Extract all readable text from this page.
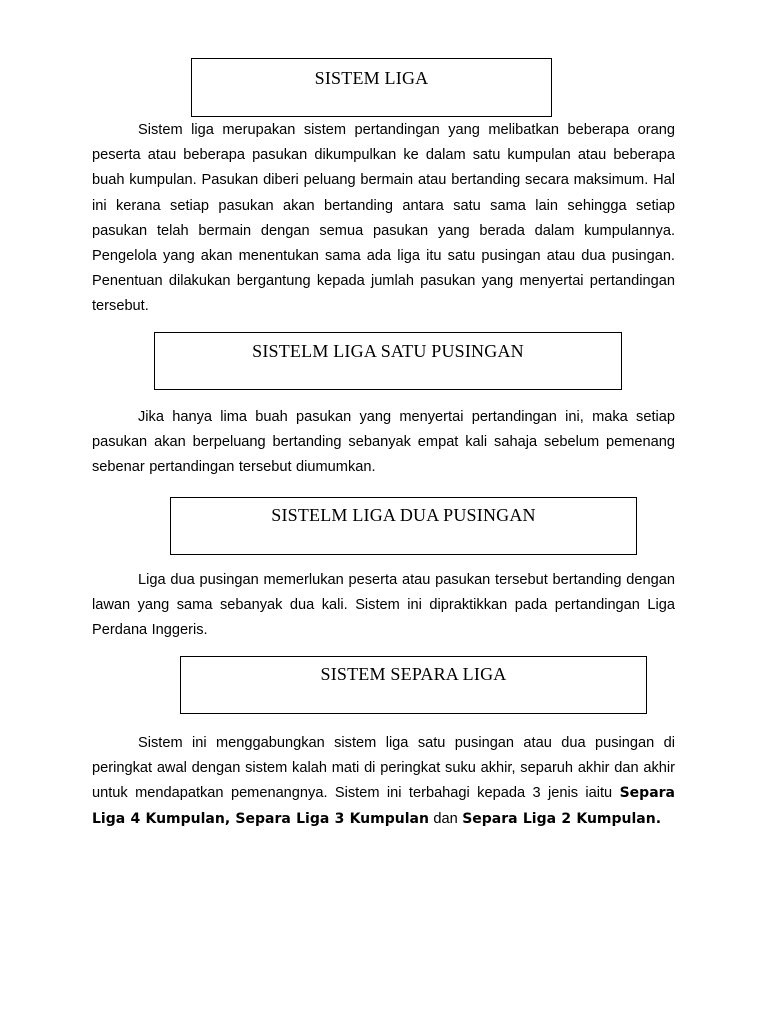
SISTEM LIGA

Sistem liga merupakan sistem pertandingan yang melibatkan beberapa orang peserta atau beberapa pasukan dikumpulkan ke dalam satu kumpulan atau beberapa buah kumpulan. Pasukan diberi peluang bermain atau bertanding secara maksimum. Hal ini kerana setiap pasukan akan bertanding antara satu sama lain sehingga setiap pasukan telah bermain dengan semua pasukan yang berada dalam kumpulannya. Pengelola yang akan menentukan sama ada liga itu satu pusingan atau dua pusingan. Penentuan dilakukan bergantung kepada jumlah pasukan yang menyertai pertandingan tersebut.

SISTELM LIGA SATU PUSINGAN

Jika hanya lima buah pasukan yang menyertai pertandingan ini, maka setiap pasukan akan berpeluang bertanding sebanyak empat kali sahaja sebelum pemenang sebenar pertandingan tersebut diumumkan.

SISTELM LIGA DUA PUSINGAN

Liga dua pusingan memerlukan peserta atau pasukan tersebut bertanding dengan lawan yang sama sebanyak dua kali. Sistem ini dipraktikkan pada pertandingan Liga Perdana Inggeris.

SISTEM SEPARA LIGA

Sistem ini menggabungkan sistem liga satu pusingan atau dua pusingan di peringkat awal dengan sistem kalah mati di peringkat suku akhir, separuh akhir dan akhir untuk mendapatkan pemenangnya. Sistem ini terbahagi kepada 3 jenis iaitu Separa Liga 4 Kumpulan, Separa Liga 3 Kumpulan dan Separa Liga 2 Kumpulan.
